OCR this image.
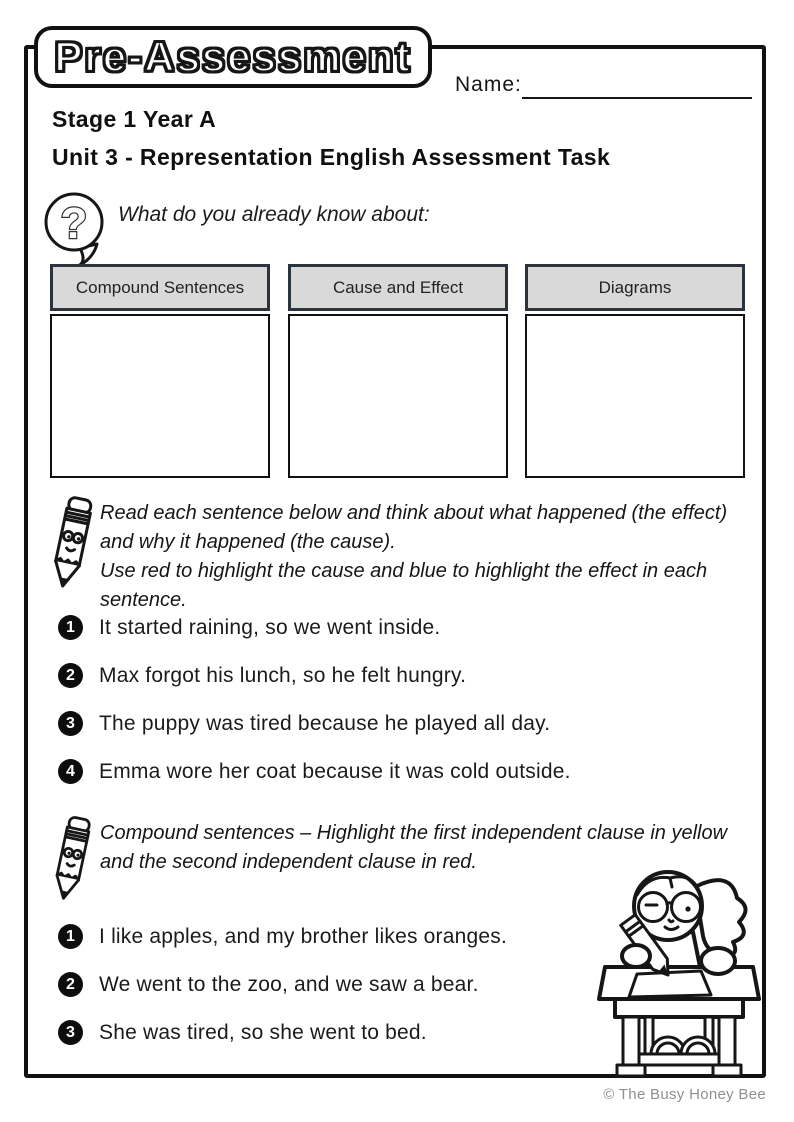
Pre-Assessment
Name:
Stage 1 Year A
Unit 3 - Representation English Assessment Task
? What do you already know about:
Compound Sentences	Cause and Effect	Diagrams

Read each sentence below and think about what happened (the effect) and why it happened (the cause).

Use red to highlight the cause and blue to highlight the effect in each sentence.

1	It started raining, so we went inside.
2	Max forgot his lunch, so he felt hungry.
3	The puppy was tired because he played all day.
4	Emma wore her coat because it was cold outside.

Compound sentences – Highlight the first independent clause in yellow and the second independent clause in red.

1	I like apples, and my brother likes oranges.
2	We went to the zoo, and we saw a bear.
3	She was tired, so she went to bed.
© The Busy Honey Bee
